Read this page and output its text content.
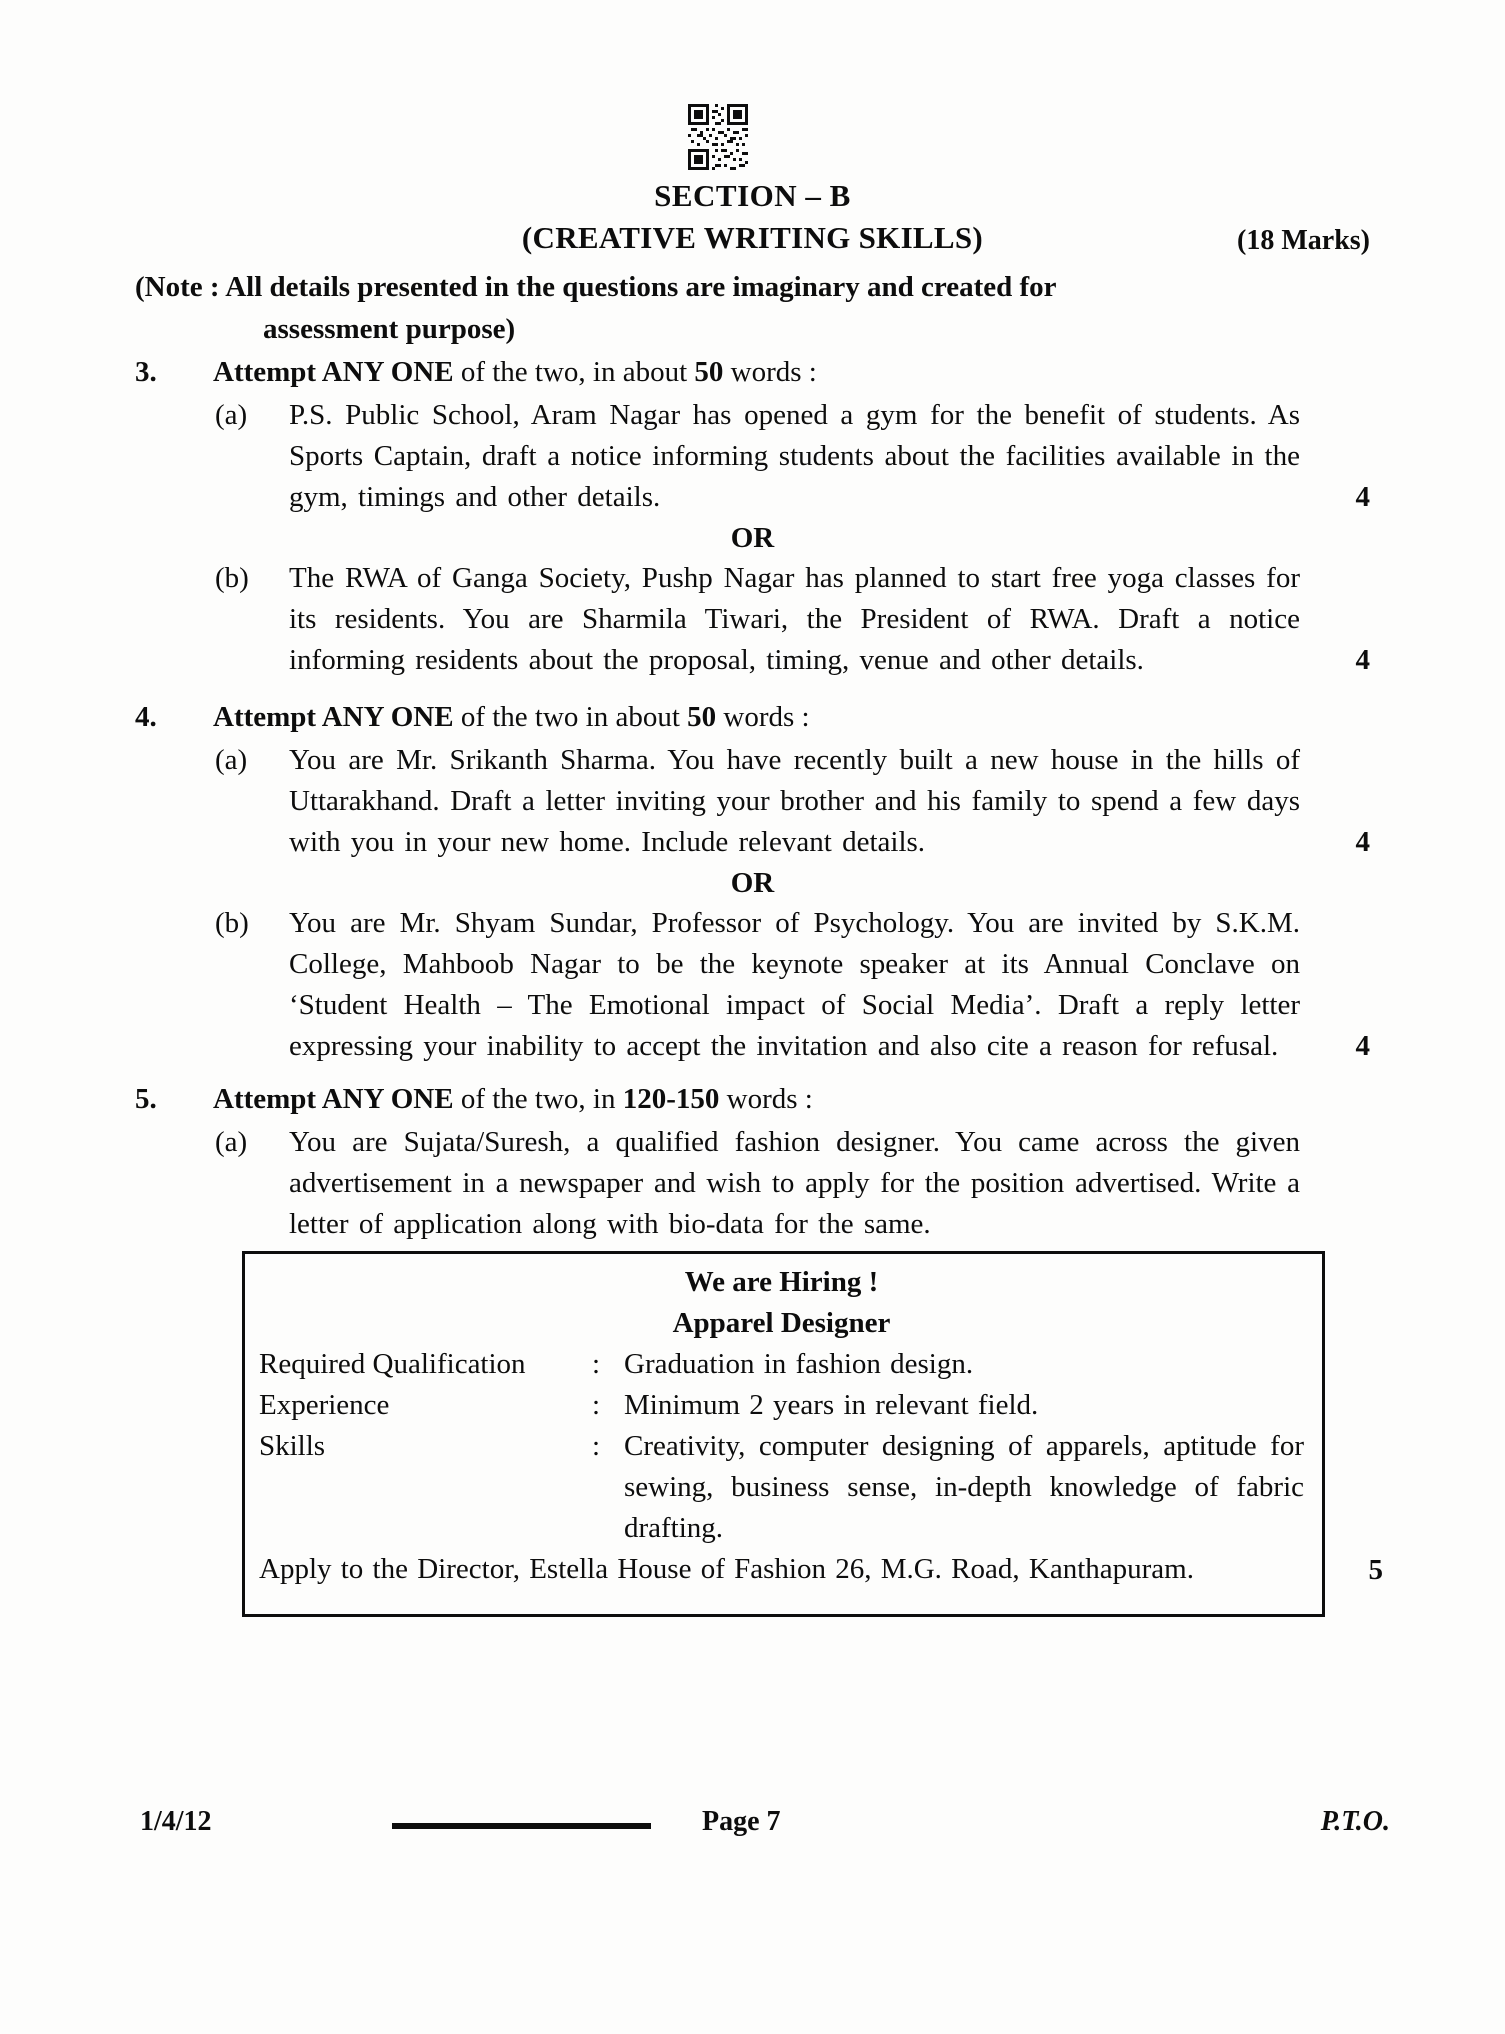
SECTION – B
(CREATIVE WRITING SKILLS)	(18 Marks)
(Note : All details presented in the questions are imaginary and created for
assessment purpose)
3.	Attempt ANY ONE of the two, in about 50 words :
(a)	P.S. Public School, Aram Nagar has opened a gym for the benefit of students. As Sports Captain, draft a notice informing students about the facilities available in the gym, timings and other details.	4
OR
(b)	The RWA of Ganga Society, Pushp Nagar has planned to start free yoga classes for its residents. You are Sharmila Tiwari, the President of RWA. Draft a notice informing residents about the proposal, timing, venue and other details.	4
4.	Attempt ANY ONE of the two in about 50 words :
(a)	You are Mr. Srikanth Sharma. You have recently built a new house in the hills of Uttarakhand. Draft a letter inviting your brother and his family to spend a few days with you in your new home. Include relevant details.	4
OR
(b)	You are Mr. Shyam Sundar, Professor of Psychology. You are invited by S.K.M. College, Mahboob Nagar to be the keynote speaker at its Annual Conclave on ‘Student Health – The Emotional impact of Social Media’. Draft a reply letter expressing your inability to accept the invitation and also cite a reason for refusal.	4
5.	Attempt ANY ONE of the two, in 120-150 words :
(a)	You are Sujata/Suresh, a qualified fashion designer. You came across the given advertisement in a newspaper and wish to apply for the position advertised. Write a letter of application along with bio-data for the same.
We are Hiring !
Apparel Designer
Required Qualification	: Graduation in fashion design.
Experience	: Minimum 2 years in relevant field.
Skills	: Creativity, computer designing of apparels, aptitude for sewing, business sense, in-depth knowledge of fabric drafting.
Apply to the Director, Estella House of Fashion 26, M.G. Road, Kanthapuram.	5
1/4/12	Page 7	P.T.O.
